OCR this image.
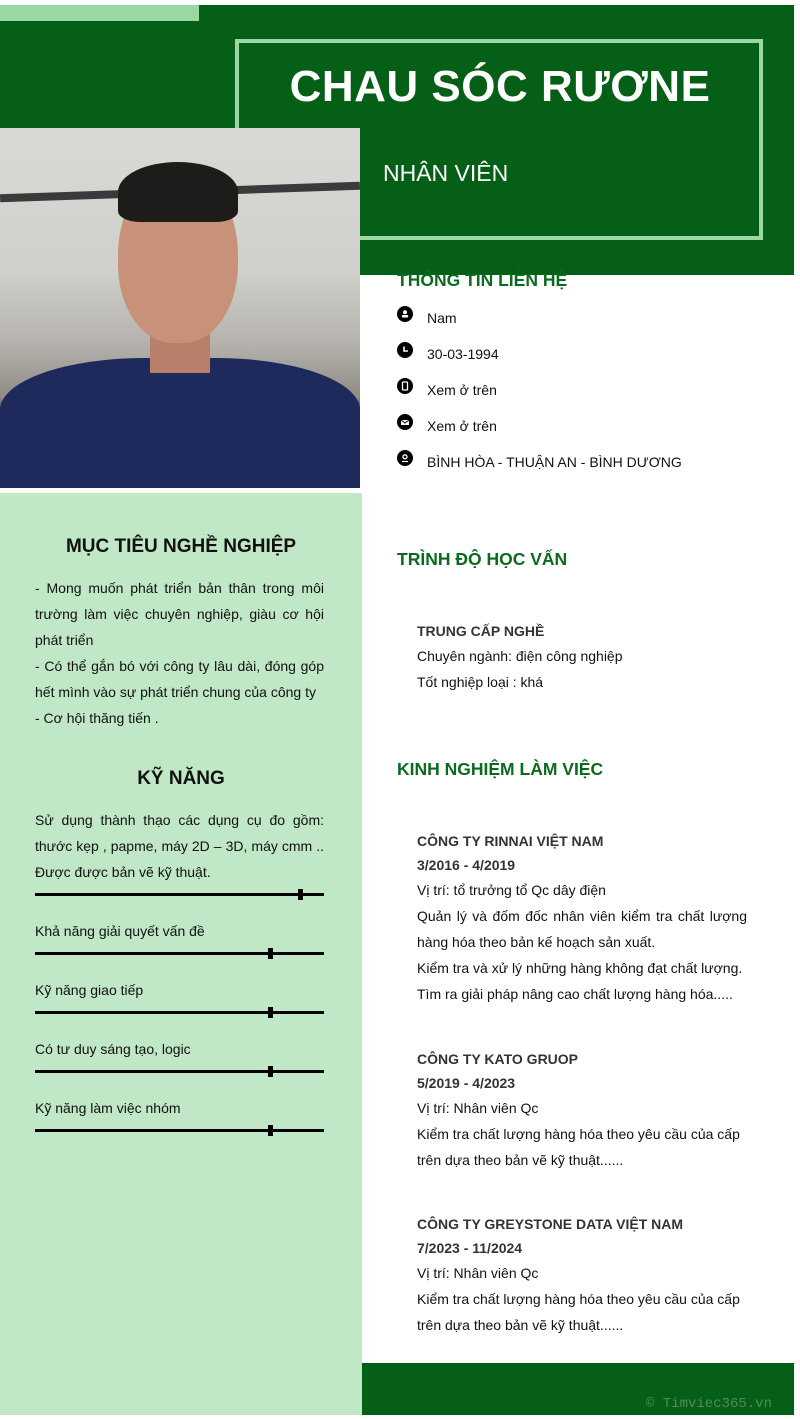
CHAU SÓC RƯƠNE
NHÂN VIÊN
MỤC TIÊU NGHỀ NGHIỆP

- Mong muốn phát triển bản thân trong môi trường làm việc chuyên nghiệp, giàu cơ hội phát triển

- Có thể gắn bó với công ty lâu dài, đóng góp hết mình vào sự phát triển chung của công ty

- Cơ hội thăng tiến .

KỸ NĂNG
Sử dụng thành thạo các dụng cụ đo gồm: thước kẹp , papme, máy 2D – 3D, máy cmm .. Được được bản vẽ kỹ thuật.
Khả năng giải quyết vấn đề
Kỹ năng giao tiếp
Có tư duy sáng tạo, logic
Kỹ năng làm việc nhóm
THÔNG TIN LIÊN HỆ
Nam
30-03-1994
Xem ở trên
Xem ở trên
BÌNH HÒA - THUẬN AN - BÌNH DƯƠNG
TRÌNH ĐỘ HỌC VẤN
TRUNG CẤP NGHỀ
Chuyên ngành: điện công nghiệp
Tốt nghiệp loại : khá
KINH NGHIỆM LÀM VIỆC
CÔNG TY RINNAI VIỆT NAM
3/2016 - 4/2019
Vị trí: tổ trưởng tổ Qc dây điện
Quản lý và đốm đốc nhân viên kiểm tra chất lượng hàng hóa theo bản kế hoạch sản xuất.
Kiểm tra và xử lý những hàng không đạt chất lượng.
Tìm ra giải pháp nâng cao chất lượng hàng hóa.....
CÔNG TY KATO GRUOP
5/2019 - 4/2023
Vị trí: Nhân viên Qc
Kiểm tra chất lượng hàng hóa theo yêu cầu của cấp trên dựa theo bản vẽ kỹ thuật......
CÔNG TY GREYSTONE DATA VIỆT NAM
7/2023 - 11/2024
Vị trí: Nhân viên Qc
Kiểm tra chất lượng hàng hóa theo yêu cầu của cấp trên dựa theo bản vẽ kỹ thuật......
© Timviec365.vn
